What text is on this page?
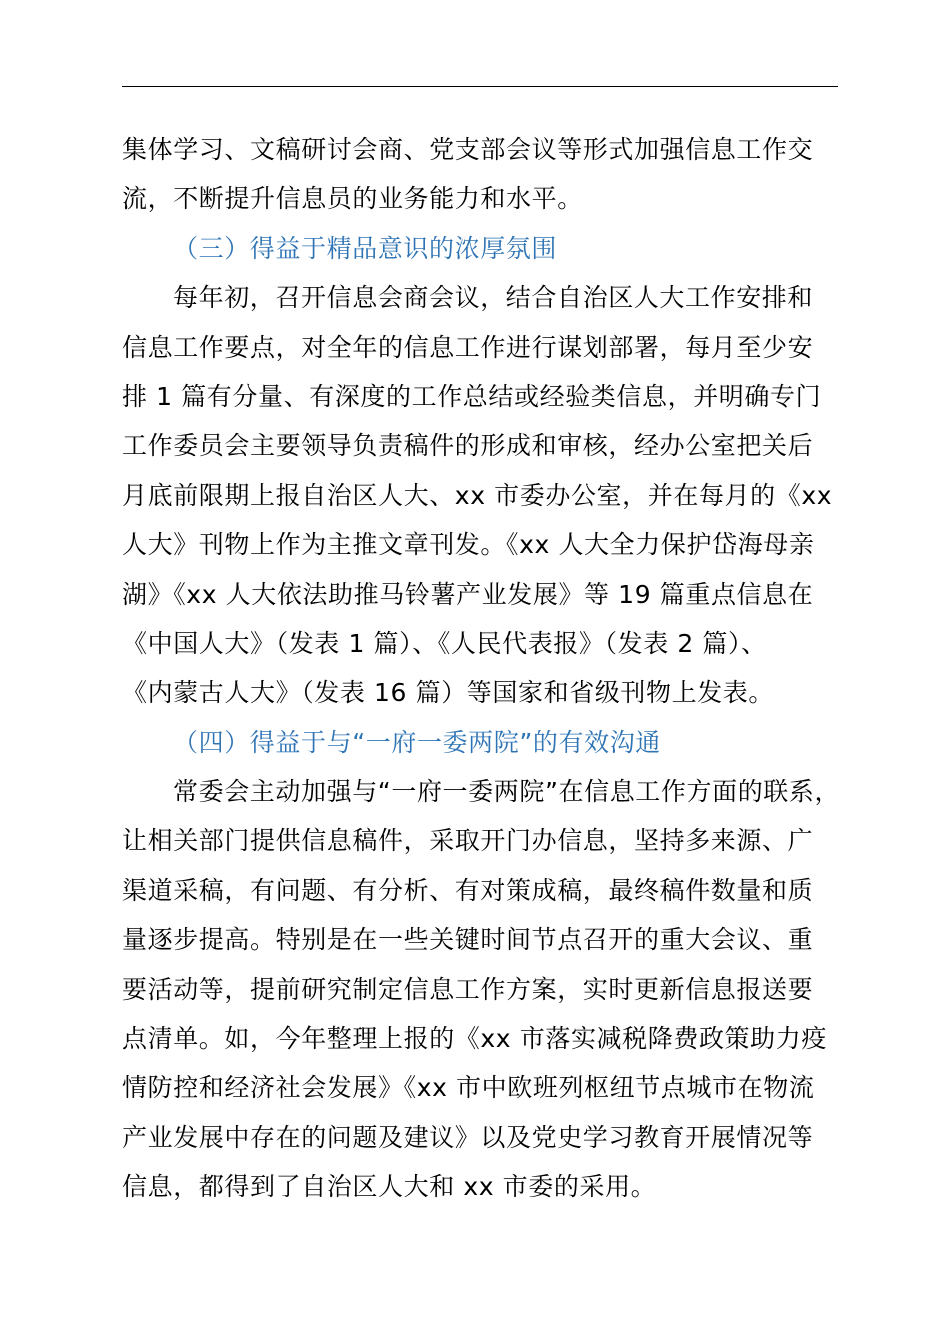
集体学习、文稿研讨会商、党支部会议等形式加强信息工作交
流，不断提升信息员的业务能力和水平。
（三）得益于精品意识的浓厚氛围
每年初，召开信息会商会议，结合自治区人大工作安排和
信息工作要点，对全年的信息工作进行谋划部署，每月至少安
排 1 篇有分量、有深度的工作总结或经验类信息，并明确专门
工作委员会主要领导负责稿件的形成和审核，经办公室把关后
月底前限期上报自治区人大、xx 市委办公室，并在每月的《xx
人大》刊物上作为主推文章刊发。《xx 人大全力保护岱海母亲
湖》《xx 人大依法助推马铃薯产业发展》等 19 篇重点信息在
《中国人大》（发表 1 篇）、《人民代表报》（发表 2 篇）、
《内蒙古人大》（发表 16 篇）等国家和省级刊物上发表。
（四）得益于与“一府一委两院”的有效沟通
常委会主动加强与“一府一委两院”在信息工作方面的联系，
让相关部门提供信息稿件，采取开门办信息，坚持多来源、广
渠道采稿，有问题、有分析、有对策成稿，最终稿件数量和质
量逐步提高。特别是在一些关键时间节点召开的重大会议、重
要活动等，提前研究制定信息工作方案，实时更新信息报送要
点清单。如，今年整理上报的《xx 市落实减税降费政策助力疫
情防控和经济社会发展》《xx 市中欧班列枢纽节点城市在物流
产业发展中存在的问题及建议》以及党史学习教育开展情况等
信息，都得到了自治区人大和 xx 市委的采用。
